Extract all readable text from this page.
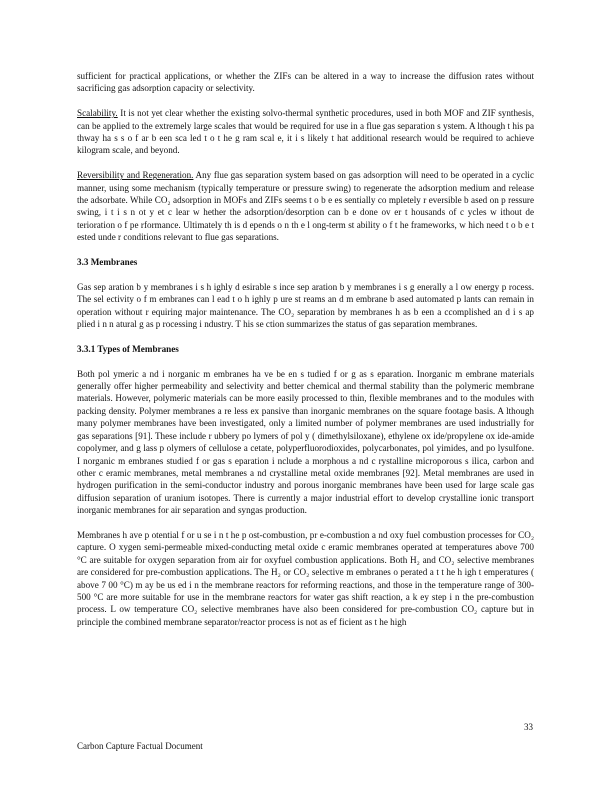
sufficient for practical applications, or whether the ZIFs can be altered in a way to increase the diffusion rates without sacrificing gas adsorption capacity or selectivity.

Scalability. It is not yet clear whether the existing solvo-thermal synthetic procedures, used in both MOF and ZIF synthesis, can be applied to the extremely large scales that would be required for use in a flue gas separation s ystem. A lthough t his pa thway ha s s o f ar b een sca led t o t he g ram scal e, it i s likely t hat additional research would be required to achieve kilogram scale, and beyond.

Reversibility and Regeneration. Any flue gas separation system based on gas adsorption will need to be operated in a cyclic manner, using some mechanism (typically temperature or pressure swing) to regenerate the adsorption medium and release the adsorbate. While CO₂ adsorption in MOFs and ZIFs seems t o b e es sentially co mpletely r eversible b ased on p ressure swing, i t i s n ot y et c lear w hether the adsorption/desorption can b e done ov er t housands of c ycles w ithout de terioration o f pe rformance. Ultimately th is d epends o n th e l ong-term st ability o f t he frameworks, w hich need t o b e t ested unde r conditions relevant to flue gas separations.

3.3 Membranes

Gas sep aration b y membranes i s h ighly d esirable s ince sep aration b y membranes i s g enerally a l ow energy p rocess. The sel ectivity o f m embranes can l ead t o h ighly p ure st reams an d m embrane b ased automated p lants can remain in operation without r equiring major maintenance. The CO₂ separation by membranes h as b een a ccomplished an d i s ap plied i n n atural g as p rocessing i ndustry. T his se ction summarizes the status of gas separation membranes.

3.3.1 Types of Membranes

Both pol ymeric a nd i norganic m embranes ha ve be en s tudied f or g as s eparation. Inorganic m embrane materials generally offer higher permeability and selectivity and better chemical and thermal stability than the polymeric membrane materials. However, polymeric materials can be more easily processed to thin, flexible membranes and to the modules with packing density. Polymer membranes a re less ex pansive than inorganic membranes on the square footage basis. A lthough many polymer membranes have been investigated, only a limited number of polymer membranes are used industrially for gas separations [91]. These include r ubbery po lymers of pol y ( dimethylsiloxane), ethylene ox ide/propylene ox ide-amide copolymer, and g lass p olymers of cellulose a cetate, polyperfluorodioxides, polycarbonates, pol yimides, and po lysulfone. I norganic m embranes studied f or gas s eparation i nclude a morphous a nd c rystalline microporous s ilica, carbon and other c eramic membranes, metal membranes a nd crystalline metal oxide membranes [92]. Metal membranes are used in hydrogen purification in the semi-conductor industry and porous inorganic membranes have been used for large scale gas diffusion separation of uranium isotopes. There is currently a major industrial effort to develop crystalline ionic transport inorganic membranes for air separation and syngas production.

Membranes h ave p otential f or u se i n t he p ost-combustion, pr e-combustion a nd oxy fuel combustion processes for CO₂ capture. O xygen semi-permeable mixed-conducting metal oxide c eramic membranes operated at temperatures above 700 °C are suitable for oxygen separation from air for oxyfuel combustion applications. Both H₂ and CO₂ selective membranes are considered for pre-combustion applications. The H₂ or CO₂ selective m embranes o perated a t t he h igh t emperatures ( above 7 00 °C) m ay be us ed i n the membrane reactors for reforming reactions, and those in the temperature range of 300-500 °C are more suitable for use in the membrane reactors for water gas shift reaction, a k ey step i n the pre-combustion process. L ow temperature CO₂ selective membranes have also been considered for pre-combustion CO₂ capture but in principle the combined membrane separator/reactor process is not as ef ficient as t he high

33
Carbon Capture Factual Document
